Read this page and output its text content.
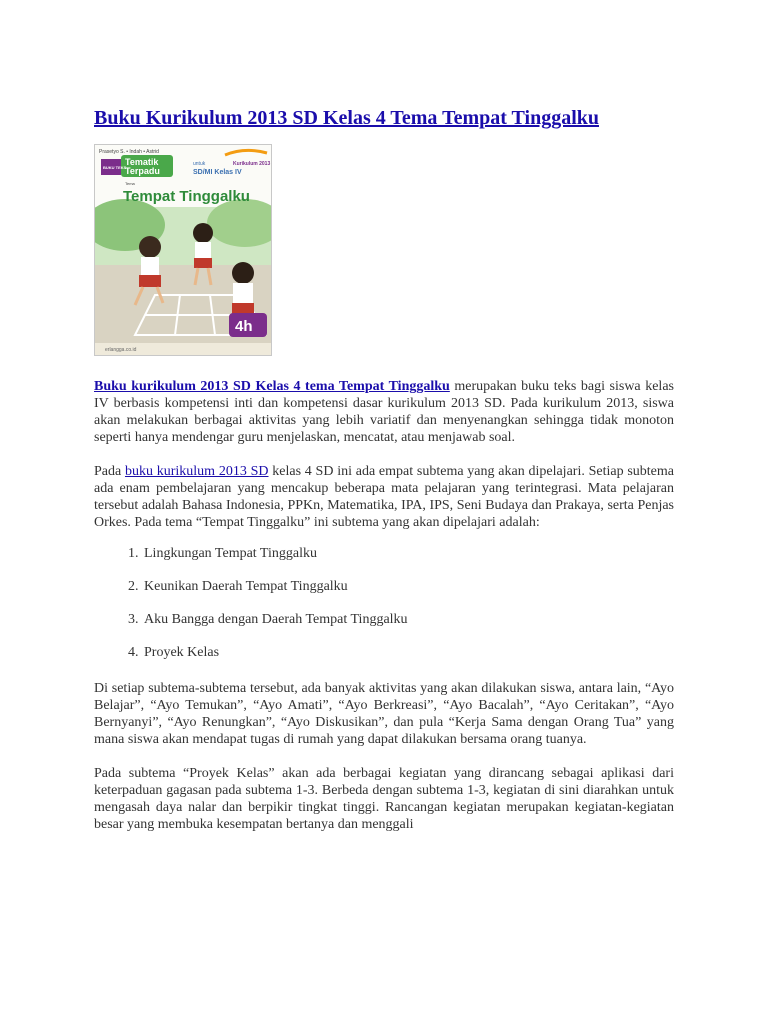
Buku Kurikulum 2013 SD Kelas 4 Tema Tempat Tinggalku
Prasetyo S. • Indah • Astrid
BUKU TEKS
Tematik
Terpadu
untuk
SD/MI Kelas IV
Tema
Tempat Tinggalku
4h
Kurikulum 2013
erlangga.co.id

Buku kurikulum 2013 SD Kelas 4 tema Tempat Tinggalku merupakan buku teks bagi siswa kelas IV berbasis kompetensi inti dan kompetensi dasar kurikulum 2013 SD. Pada kurikulum 2013, siswa akan melakukan berbagai aktivitas yang lebih variatif dan menyenangkan sehingga tidak monoton seperti hanya mendengar guru menjelaskan, mencatat, atau menjawab soal.

Pada buku kurikulum 2013 SD kelas 4 SD ini ada empat subtema yang akan dipelajari. Setiap subtema ada enam pembelajaran yang mencakup beberapa mata pelajaran yang terintegrasi. Mata pelajaran tersebut adalah Bahasa Indonesia, PPKn, Matematika, IPA, IPS, Seni Budaya dan Prakaya, serta Penjas Orkes. Pada tema “Tempat Tinggalku” ini subtema yang akan dipelajari adalah:

1. Lingkungan Tempat Tinggalku
2. Keunikan Daerah Tempat Tinggalku
3. Aku Bangga dengan Daerah Tempat Tinggalku
4. Proyek Kelas

Di setiap subtema-subtema tersebut, ada banyak aktivitas yang akan dilakukan siswa, antara lain, “Ayo Belajar”, “Ayo Temukan”, “Ayo Amati”, “Ayo Berkreasi”, “Ayo Bacalah”, “Ayo Ceritakan”, “Ayo Bernyanyi”, “Ayo Renungkan”, “Ayo Diskusikan”, dan pula “Kerja Sama dengan Orang Tua” yang mana siswa akan mendapat tugas di rumah yang dapat dilakukan bersama orang tuanya.

Pada subtema “Proyek Kelas” akan ada berbagai kegiatan yang dirancang sebagai aplikasi dari keterpaduan gagasan pada subtema 1-3. Berbeda dengan subtema 1-3, kegiatan di sini diarahkan untuk mengasah daya nalar dan berpikir tingkat tinggi. Rancangan kegiatan merupakan kegiatan-kegiatan besar yang membuka kesempatan bertanya dan menggali
